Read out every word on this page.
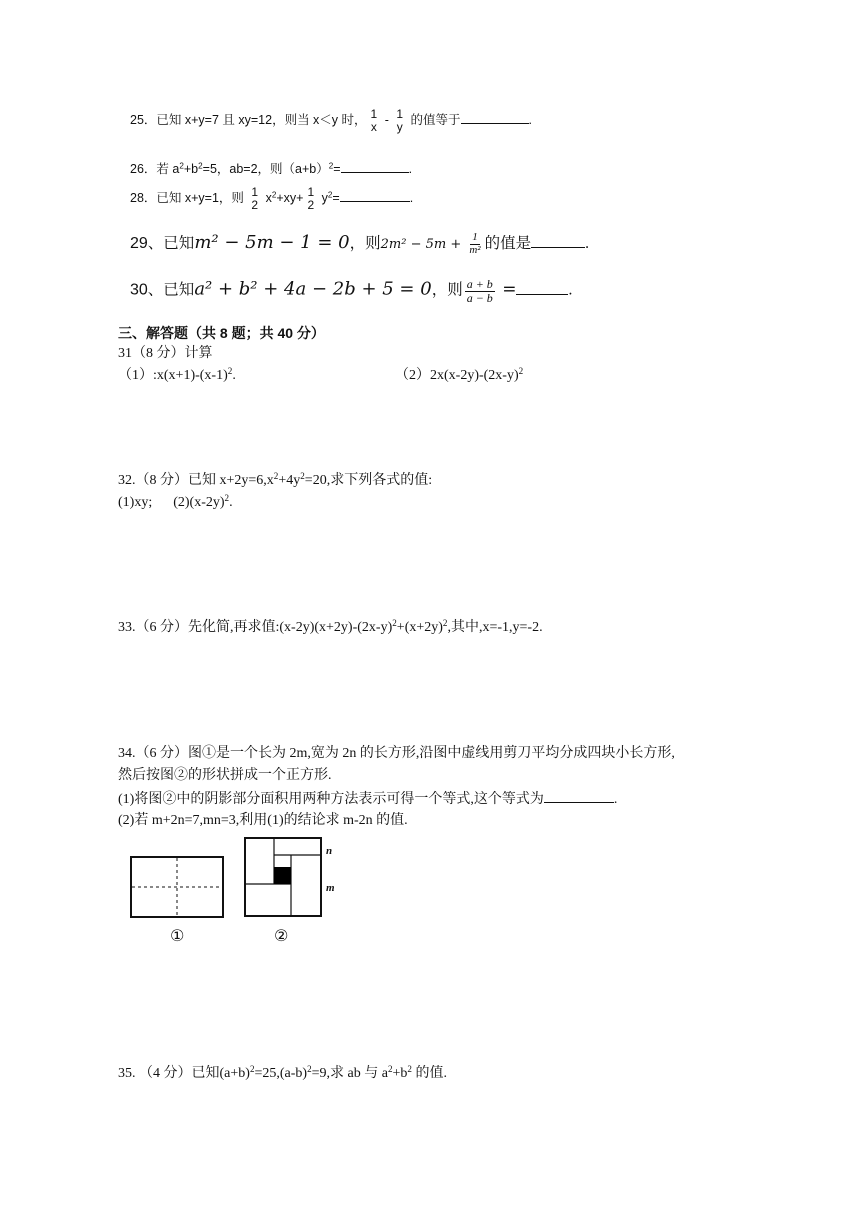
25．已知 x+y=7 且 xy=12，则当 x＜y 时， 1
x - 1
y 的值等于	.
26．若 $a^2+b^2=5$，ab=2，则$(a+b)^2=$	.
28．已知 x+y=1，则 1
2 $x^2+xy+ 1$
2 $y^2=$	.
29、已知m² − 5m − 1 = 0，则$2m^2 - 5m + \frac{1}{\text{m²}}$ 的值是	.
30、已知a² + b² + 4a − 2b + 5 = 0，则 $\frac{a + b}{a - b}$ =	.
三、解答题（共 8 题；共 40 分）
31（8 分）计算
$(1):x(x+1)-(x-1)^2$.	$(2)2x(x-2y)-(2x-y)^2$
32.（8 分）已知 $x+2y=6,x^2+4y^2=20$,求下列各式的值:
(1)xy;      $(2)(x-2y)^2$.
33.（6 分）先化简,再求值$:(x-2y)(x+2y)-(2x-y)^2+(x+2y)^2$,其中,x=-1,y=-2.
34.（6 分）图①是一个长为 2m,宽为 2n 的长方形,沿图中虚线用剪刀平均分成四块小长方形,
然后按图②的形状拼成一个正方形.
(1)将图②中的阴影部分面积用两种方法表示可得一个等式,这个等式为	.
(2)若 m+2n=7,mn=3,利用(1)的结论求 m-2n 的值.
①
n
m
②
35. （4 分）已知$(a+b)^2=25,(a-b)^2=9$,求 ab 与 $a^2+b^2$ 的值.
